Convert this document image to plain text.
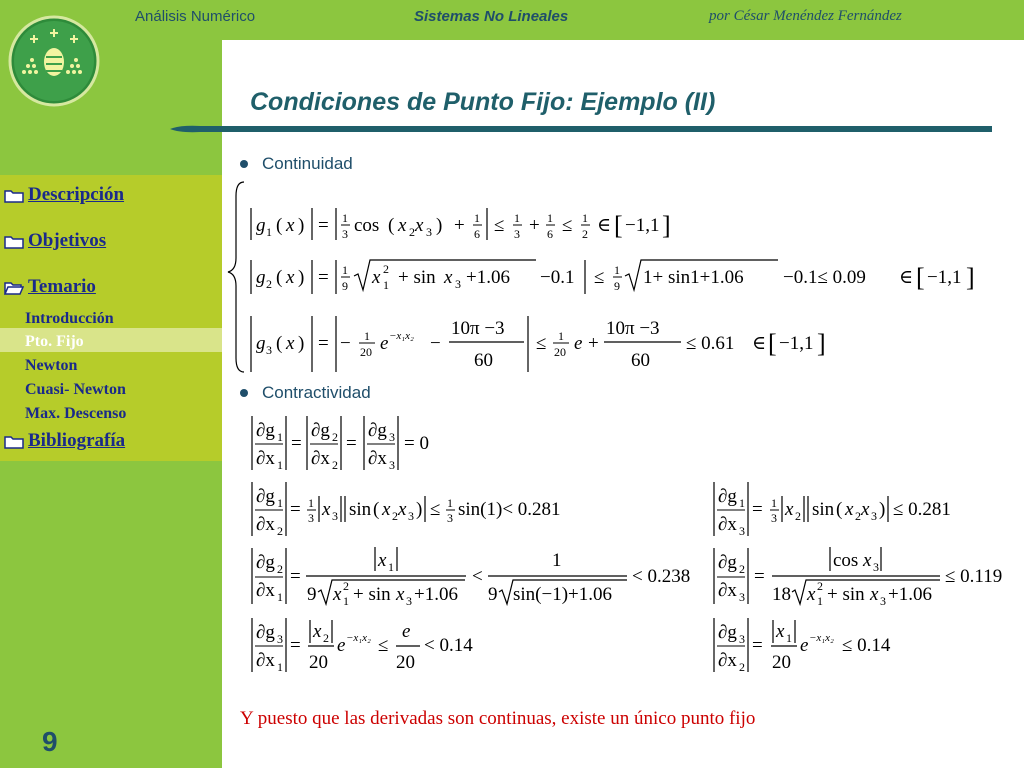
Análisis Numérico	Sistemas No Lineales	por César Menéndez Fernández
Condiciones de Punto Fijo: Ejemplo (II)
Descripción
Objetivos
Temario
Introducción
Pto. Fijo
Newton
Cuasi- Newton
Max. Descenso
Bibliografía
9
Continuidad
Contractividad
g 1 ( x ) = 1
3 cos ( x 2 x 3 ) + 1
6 ≤ 1
3 + 1
6 ≤ 1
2 ∈ [ −1,1 ]
g 2 ( x ) = 1
9 x 2
1 + sin x 3 +1.06 −0.1 ≤ 1
9 1+ sin1+1.06 −0.1≤ 0.09 ∈ [ −1,1 ]
g 3 ( x ) = − 1
20 e −x₁x₂ −
10π −3
60
≤ 1
20 e +
10π −3
60
≤ 0.61 ∈ [ −1,1 ]
∂g 1
∂x 1
=
∂g 2
∂x 2
=
∂g 3
∂x 3
= 0
∂g 1
∂x 2
= 1
3 x 3 sin ( x 2 x 3 ) ≤ 1
3 sin(1)< 0.281
∂g 1
∂x 3
= 1
3 x 2 sin ( x 2 x 3 ) ≤ 0.281
∂g 2
∂x 1
=
x 1
9 x 2
1 + sin x 3 +1.06
<
1
9 sin(−1)+1.06
< 0.238
∂g 2
∂x 3
=
cos x 3
18 x 2
1 + sin x 3 +1.06
≤ 0.119
∂g 3
∂x 1
=
x 2
20
e −x₁x₂ ≤
e
20
< 0.14
∂g 3
∂x 2
=
x 1
20
e −x₁x₂ ≤ 0.14
Y puesto que las derivadas son continuas, existe un único punto fijo
